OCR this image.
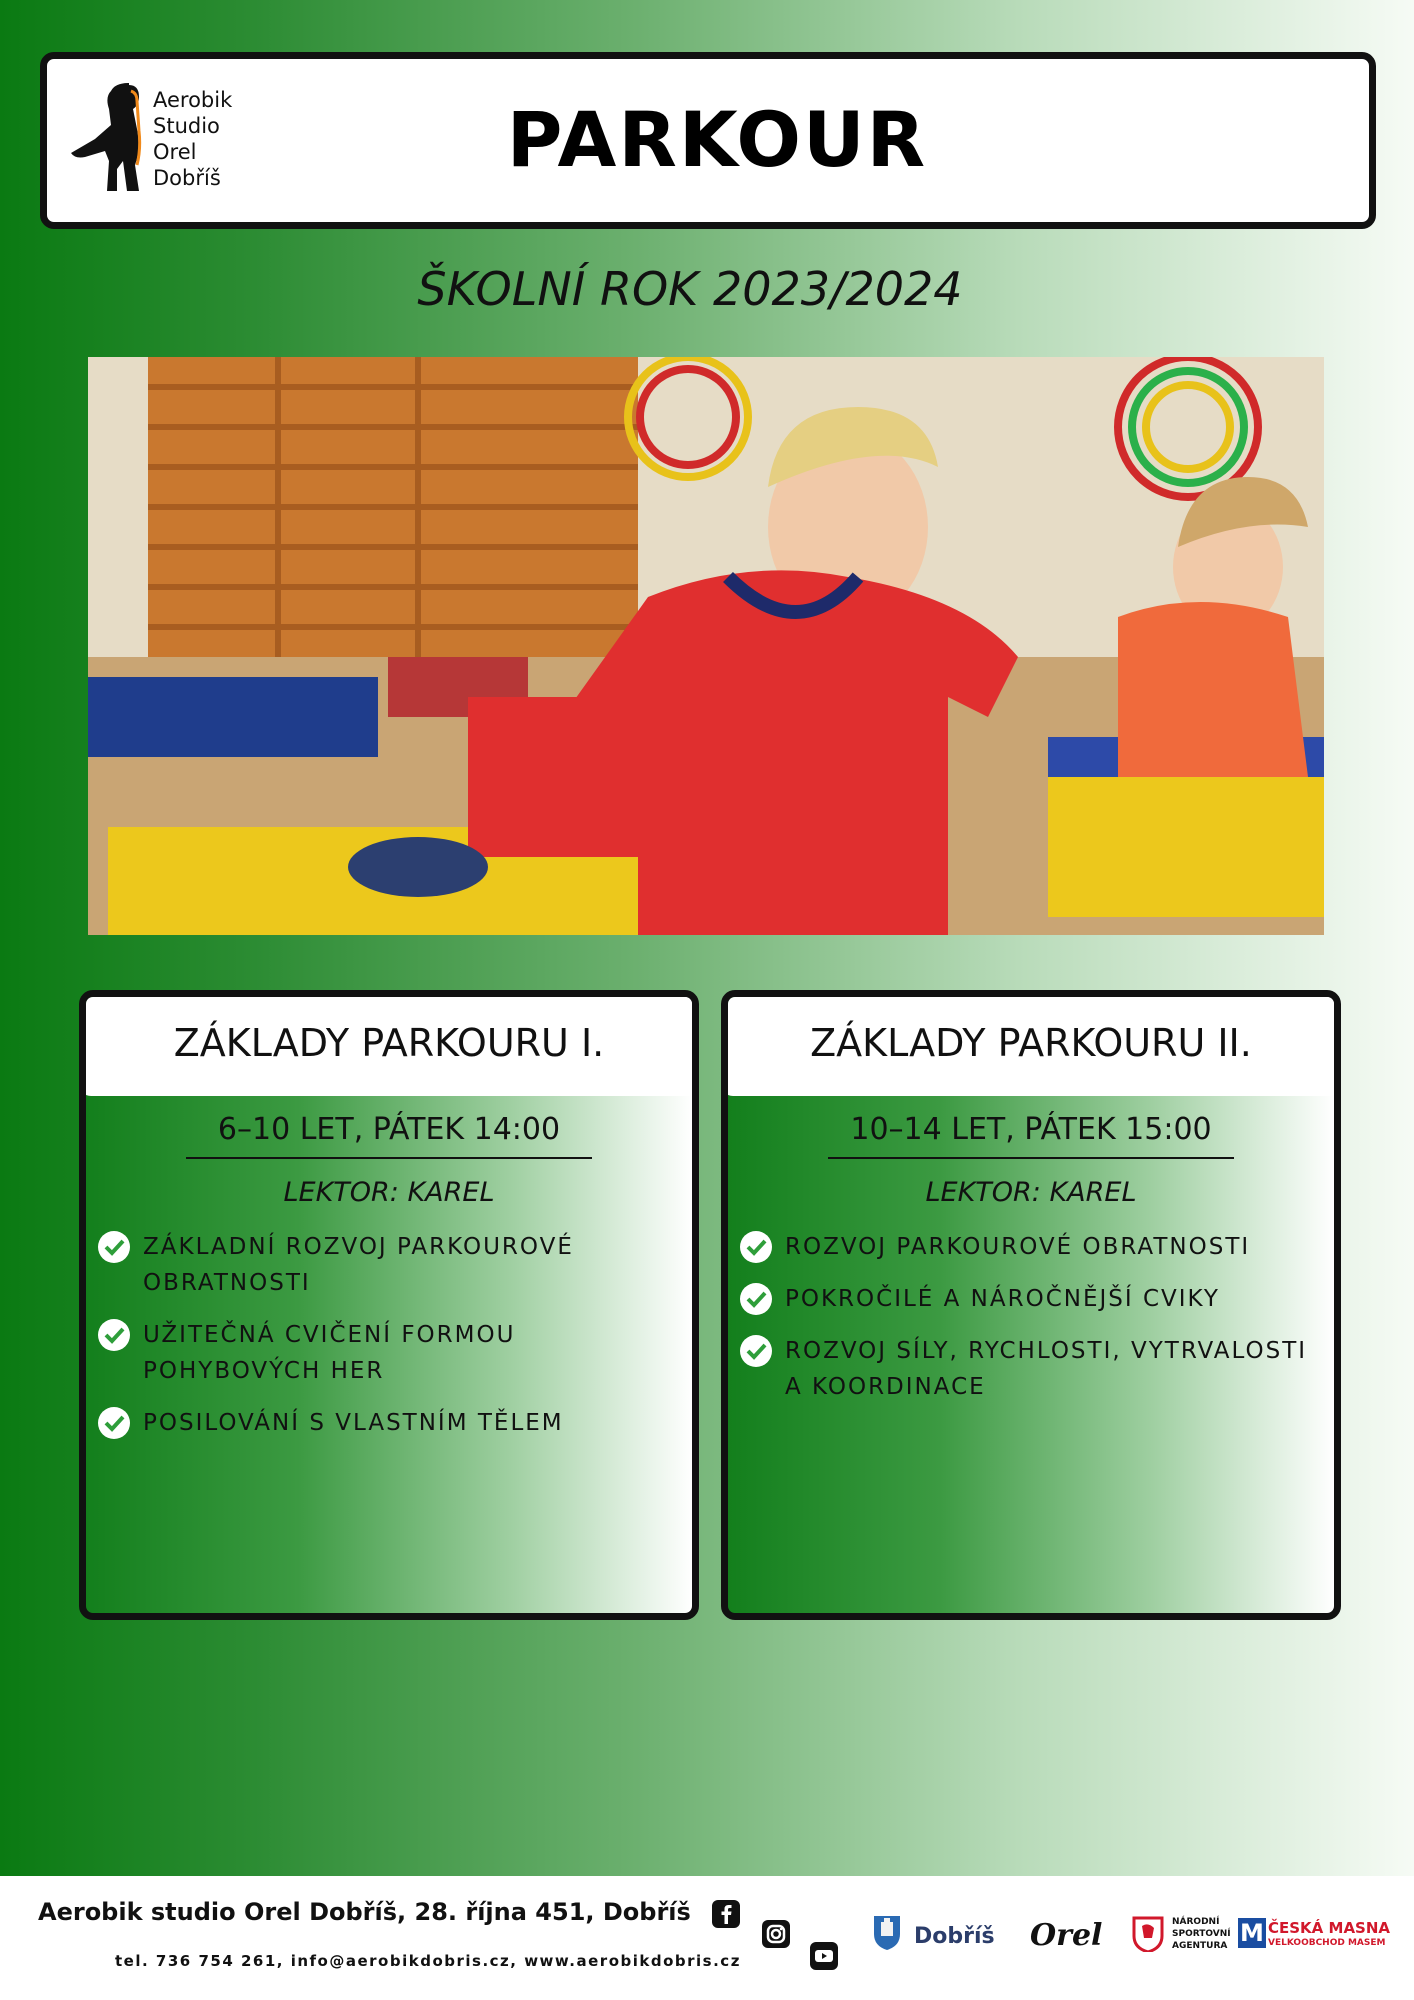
Aerobik
Studio
Orel
Dobříš	PARKOUR
ŠKOLNÍ ROK 2023/2024
ZÁKLADY PARKOURU I.
6–10 LET, PÁTEK 14:00
LEKTOR: KAREL
ZÁKLADNÍ ROZVOJ PARKOUROVÉ OBRATNOSTI
UŽITEČNÁ CVIČENÍ FORMOU POHYBOVÝCH HER
POSILOVÁNÍ S VLASTNÍM TĚLEM
ZÁKLADY PARKOURU II.
10–14 LET, PÁTEK 15:00
LEKTOR: KAREL
ROZVOJ PARKOUROVÉ OBRATNOSTI
POKROČILÉ A NÁROČNĚJŠÍ CVIKY
ROZVOJ SÍLY, RYCHLOSTI, VYTRVALOSTI A KOORDINACE
Aerobik studio Orel Dobříš, 28. října 451, Dobříš
tel. 736 754 261, info@aerobikdobris.cz, www.aerobikdobris.cz
Dobříš Orel	NÁRODNÍ
SPORTOVNÍ
AGENTURA M ČESKÁ MASNA
VELKOOBCHOD MASEM
